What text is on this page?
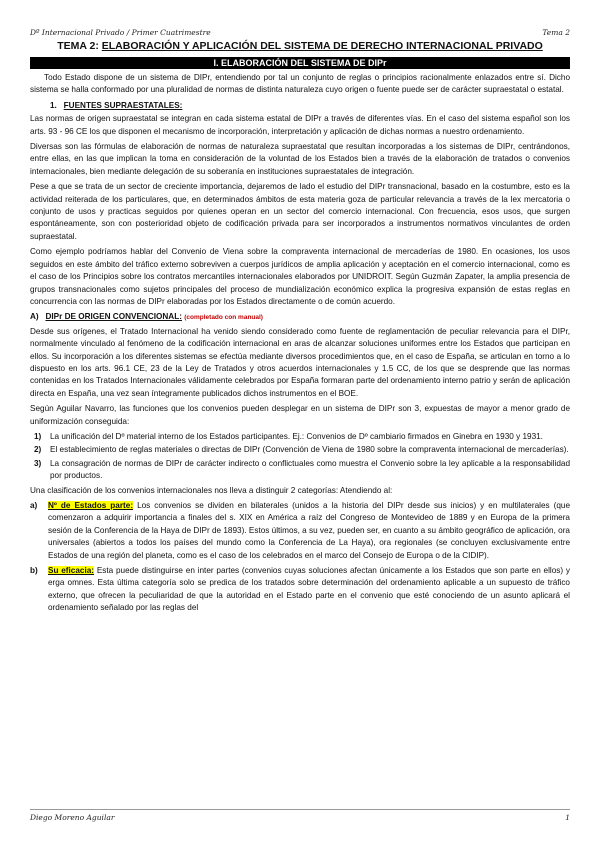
Dº Internacional Privado / Primer Cuatrimestre	Tema 2
TEMA 2: ELABORACIÓN Y APLICACIÓN DEL SISTEMA DE DERECHO INTERNACIONAL PRIVADO
I. ELABORACIÓN DEL SISTEMA DE DIPr

Todo Estado dispone de un sistema de DIPr, entendiendo por tal un conjunto de reglas o principios racionalmente enlazados entre sí. Dicho sistema se halla conformado por una pluralidad de normas de distinta naturaleza cuyo origen o fuente puede ser de carácter supraestatal o estatal.

1. FUENTES SUPRAESTATALES:

Las normas de origen supraestatal se integran en cada sistema estatal de DIPr a través de diferentes vías. En el caso del sistema español son los arts. 93 - 96 CE los que disponen el mecanismo de incorporación, interpretación y aplicación de dichas normas a nuestro ordenamiento.

Diversas son las fórmulas de elaboración de normas de naturaleza supraestatal que resultan incorporadas a los sistemas de DIPr, centrándonos, entre ellas, en las que implican la toma en consideración de la voluntad de los Estados bien a través de la elaboración de tratados o convenios internacionales, bien mediante delegación de su soberanía en instituciones supraestatales de integración.

Pese a que se trata de un sector de creciente importancia, dejaremos de lado el estudio del DIPr transnacional, basado en la costumbre, esto es la actividad reiterada de los particulares, que, en determinados ámbitos de esta materia goza de particular relevancia a través de la lex mercatoria o conjunto de usos y practicas seguidos por quienes operan en un sector del comercio internacional. Con frecuencia, esos usos, que surgen espontáneamente, son con posterioridad objeto de codificación privada para ser incorporados a instrumentos normativos vinculantes de orden supraestatal.

Como ejemplo podríamos hablar del Convenio de Viena sobre la compraventa internacional de mercaderías de 1980. En ocasiones, los usos seguidos en este ámbito del tráfico externo sobreviven a cuerpos jurídicos de amplia aplicación y aceptación en el comercio internacional, como es el caso de los Principios sobre los contratos mercantiles internacionales elaborados por UNIDROIT. Según Guzmán Zapater, la amplia presencia de grupos transnacionales como sujetos principales del proceso de mundialización económico explica la progresiva expansión de estas reglas en concurrencia con las normas de DIPr elaboradas por los Estados directamente o de común acuerdo.

A) DIPr DE ORIGEN CONVENCIONAL: (completado con manual)

Desde sus orígenes, el Tratado Internacional ha venido siendo considerado como fuente de reglamentación de peculiar relevancia para el DIPr, normalmente vinculado al fenómeno de la codificación internacional en aras de alcanzar soluciones uniformes entre los Estados que participan en ellos. Su incorporación a los diferentes sistemas se efectúa mediante diversos procedimientos que, en el caso de España, se articulan en torno a lo dispuesto en los arts. 96.1 CE, 23 de la Ley de Tratados y otros acuerdos internacionales y 1.5 CC, de los que se desprende que las normas contenidas en los Tratados Internacionales válidamente celebrados por España formaran parte del ordenamiento interno patrio y serán de aplicación directa en España, una vez sean íntegramente publicados dichos instrumentos en el BOE.

Según Aguilar Navarro, las funciones que los convenios pueden desplegar en un sistema de DIPr son 3, expuestas de mayor a menor grado de uniformización conseguida:

1) La unificación del Dº material interno de los Estados participantes. Ej.: Convenios de Dº cambiario firmados en Ginebra en 1930 y 1931.
2) El establecimiento de reglas materiales o directas de DIPr (Convención de Viena de 1980 sobre la compraventa internacional de mercaderías).
3) La consagración de normas de DIPr de carácter indirecto o conflictuales como muestra el Convenio sobre la ley aplicable a la responsabilidad por productos.

Una clasificación de los convenios internacionales nos lleva a distinguir 2 categorías: Atendiendo al:

a) Nº de Estados parte: Los convenios se dividen en bilaterales (unidos a la historia del DIPr desde sus inicios) y en multilaterales (que comenzaron a adquirir importancia a finales del s. XIX en América a raíz del Congreso de Montevideo de 1889 y en Europa de la primera sesión de la Conferencia de la Haya de DIPr de 1893). Estos últimos, a su vez, pueden ser, en cuanto a su ámbito geográfico de aplicación, ora universales (abiertos a todos los países del mundo como la Conferencia de La Haya), ora regionales (se concluyen exclusivamente entre Estados de una región del planeta, como es el caso de los celebrados en el marco del Consejo de Europa o de la CIDIP).
b) Su eficacia: Esta puede distinguirse en inter partes (convenios cuyas soluciones afectan únicamente a los Estados que son parte en ellos) y erga omnes. Esta última categoría solo se predica de los tratados sobre determinación del ordenamiento aplicable a un supuesto de tráfico externo, que ofrecen la peculiaridad de que la autoridad en el Estado parte en el convenio que esté conociendo de un asunto aplicará el ordenamiento señalado por las reglas del
Diego Moreno Aguilar	1
